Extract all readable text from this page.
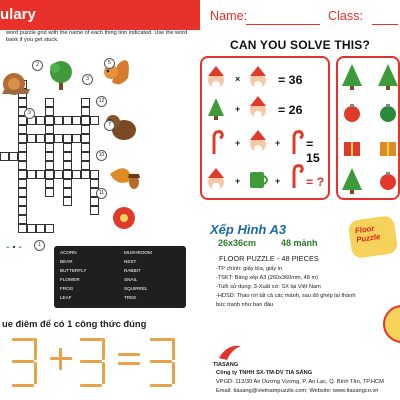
ulary
word puzzle grid with the name of each thing tion indicated. Use the word bank if you get stuck.
2
3
5
7
9
10
11
12
1
ACORN	MUSHROOM
BEAR	NEST
BUTTERFLY	RABBIT
FLOWER	SNAIL
FROG	SQUIRREL
LEAF	TREE
ue điêm để có 1 công thức đúng
Name:	Class:
CAN YOU SOLVE THIS?
×	= 36
+	= 26
+	+ = 15
+	+ = ?
Xếp Hình A3
26x36cm	48 mảnh
Floor Puzzle
FLOOR PUZZLE - 48 PIECES
-TP chính: giấy bìa, giấy in
-TSKT: Bảng xếp A3 (260x360mm, 48 m)
-Tuổi sử dụng: 3-Xuất xứ: SX tại Việt Nam
-HDSD: Tháo rời tất cả các mảnh, sau đó ghép lại thành
bức tranh như ban đầu
TIASANG
Công ty TNHH SX-TM-DV TIA SÁNG
VPGD: 113/30 An Dương Vương, P. An Lạc, Q. Bình Tân, TP.HCM
Email: tiasang@vietnampuzzle.com; Website: www.tiasangco.vn
